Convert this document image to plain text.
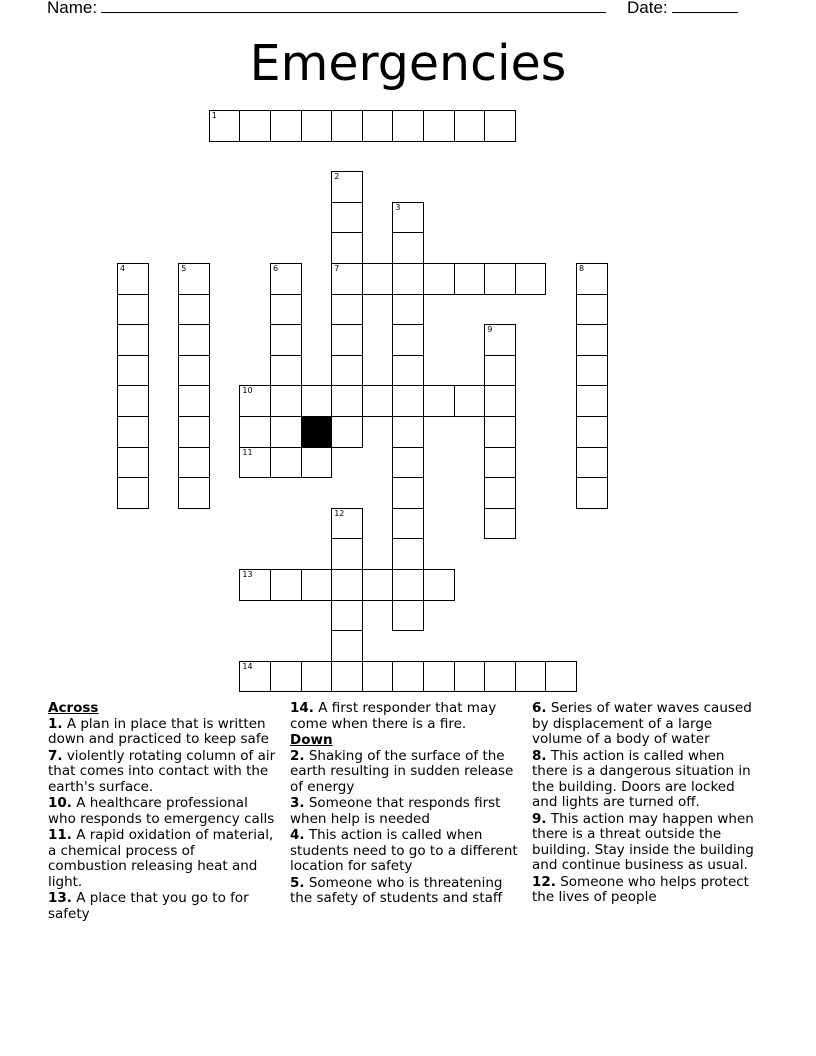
Name:	Date:
Emergencies
1
2
7
3
4	5	6	8
9
10
11
12
13
14
Across
1. A plan in place that is written down and practiced to keep safe
7. violently rotating column of air that comes into contact with the earth's surface.
10. A healthcare professional who responds to emergency calls
11. A rapid oxidation of material, a chemical process of combustion releasing heat and light.
13. A place that you go to for safety
14. A first responder that may come when there is a fire.
Down
2. Shaking of the surface of the earth resulting in sudden release of energy
3. Someone that responds first when help is needed
4. This action is called when students need to go to a different location for safety
5. Someone who is threatening the safety of students and staff
6. Series of water waves caused by displacement of a large volume of a body of water
8. This action is called when there is a dangerous situation in the building. Doors are locked and lights are turned off.
9. This action may happen when there is a threat outside the building. Stay inside the building and continue business as usual.
12. Someone who helps protect the lives of people
